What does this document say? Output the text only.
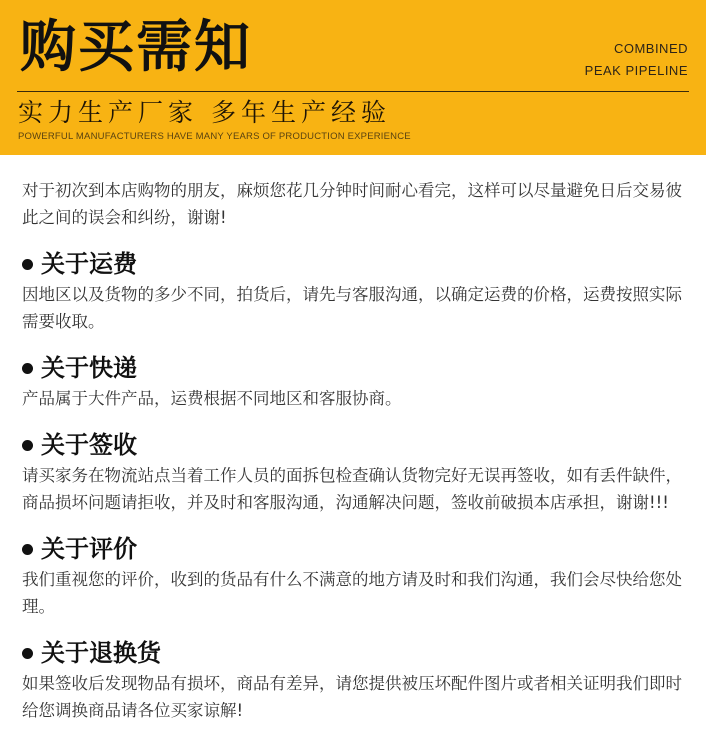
购买需知	COMBINED
PEAK PIPELINE
实力生产厂家 多年生产经验
POWERFUL MANUFACTURERS HAVE MANY YEARS OF PRODUCTION EXPERIENCE
对于初次到本店购物的朋友，麻烦您花几分钟时间耐心看完，这样可以尽量避免日后交易彼此之间的误会和纠纷，谢谢!
关于运费
因地区以及货物的多少不同，拍货后，请先与客服沟通，以确定运费的价格，运费按照实际需要收取。
关于快递
产品属于大件产品，运费根据不同地区和客服协商。
关于签收
请买家务在物流站点当着工作人员的面拆包检查确认货物完好无误再签收，如有丢件缺件，商品损坏问题请拒收，并及时和客服沟通，沟通解决问题，签收前破损本店承担，谢谢!!!
关于评价
我们重视您的评价，收到的货品有什么不满意的地方请及时和我们沟通，我们会尽快给您处理。
关于退换货
如果签收后发现物品有损坏，商品有差异，请您提供被压坏配件图片或者相关证明我们即时给您调换商品请各位买家谅解!
